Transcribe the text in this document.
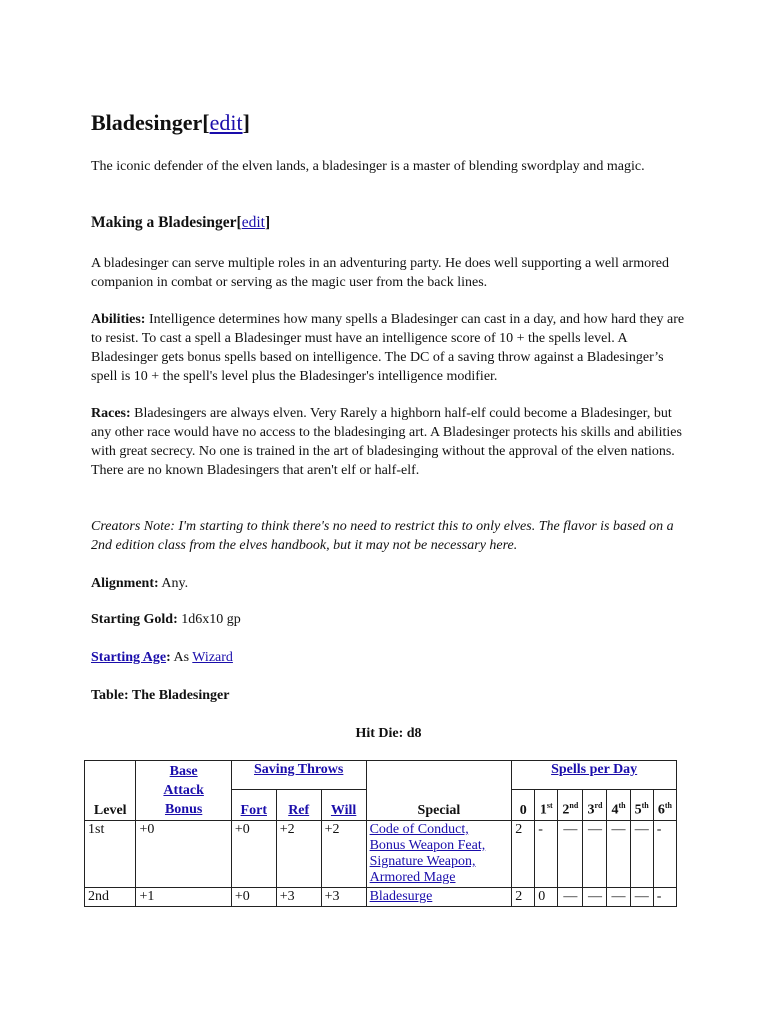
Bladesinger[edit]

The iconic defender of the elven lands, a bladesinger is a master of blending swordplay and magic.

Making a Bladesinger[edit]

A bladesinger can serve multiple roles in an adventuring party. He does well supporting a well armored companion in combat or serving as the magic user from the back lines.

Abilities: Intelligence determines how many spells a Bladesinger can cast in a day, and how hard they are to resist. To cast a spell a Bladesinger must have an intelligence score of 10 + the spells level. A Bladesinger gets bonus spells based on intelligence. The DC of a saving throw against a Bladesinger’s spell is 10 + the spell's level plus the Bladesinger's intelligence modifier.

Races: Bladesingers are always elven. Very Rarely a highborn half-elf could become a Bladesinger, but any other race would have no access to the bladesinging art. A Bladesinger protects his skills and abilities with great secrecy. No one is trained in the art of bladesinging without the approval of the elven nations. There are no known Bladesingers that aren't elf or half-elf.

Creators Note: I'm starting to think there's no need to restrict this to only elves. The flavor is based on a 2nd edition class from the elves handbook, but it may not be necessary here.

Alignment: Any.

Starting Gold: 1d6x10 gp

Starting Age: As Wizard

Table: The Bladesinger

Hit Die: d8

Level	Base
Attack
Bonus	Saving Throws			Special	Spells per Day						
		Fort	Ref	Will		0	1st	2nd	3rd	4th	5th	6th
1st	+0	+0	+2	+2	Code of Conduct,
Bonus Weapon Feat,
Signature Weapon,
Armored Mage	2	-	—	—	—	—	-
2nd	+1	+0	+3	+3	Bladesurge	2	0	—	—	—	—	-
